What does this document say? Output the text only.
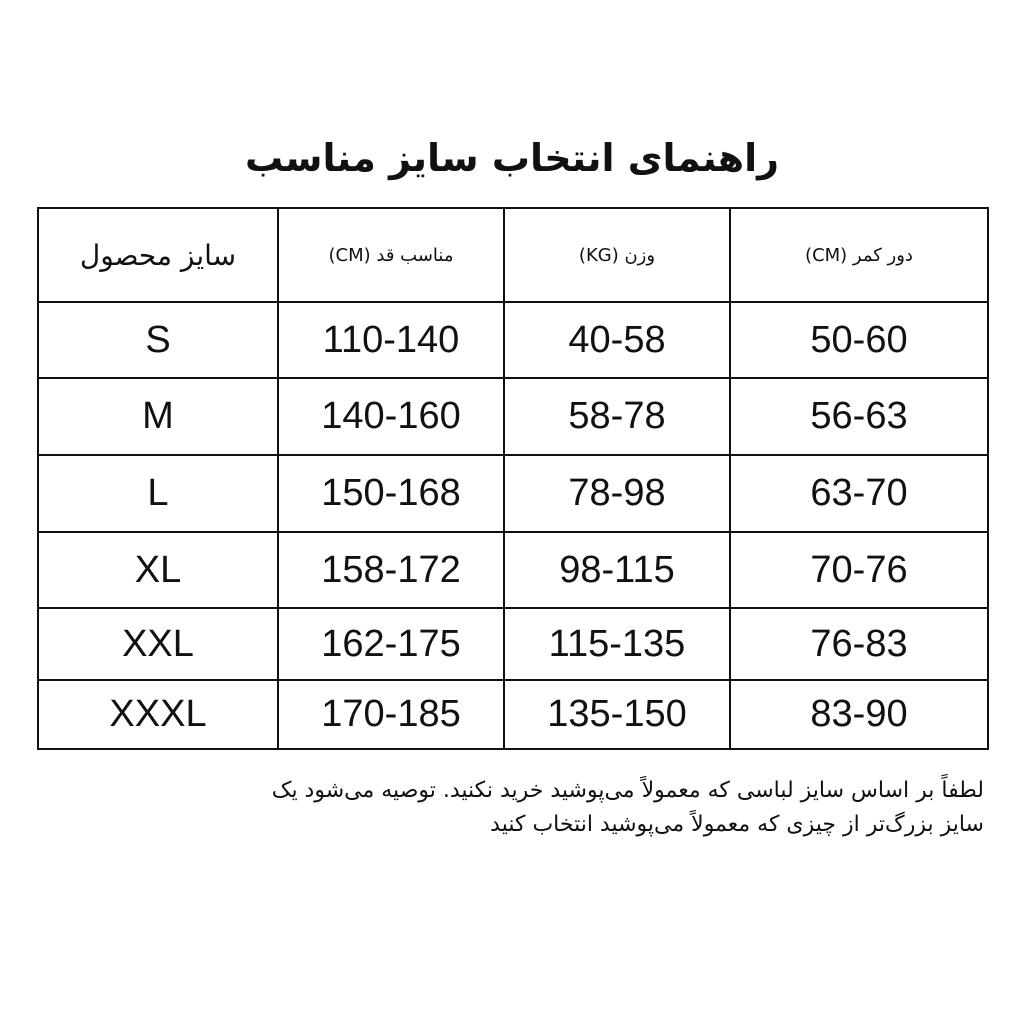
راهنمای انتخاب سایز مناسب
سایز محصول	مناسب قد (CM)	وزن (KG)	دور کمر (CM)
S	110-140	40-58	50-60
M	140-160	58-78	56-63
L	150-168	78-98	63-70
XL	158-172	98-115	70-76
XXL	162-175	115-135	76-83
XXXL	170-185	135-150	83-90
لطفاً بر اساس سایز لباسی که معمولاً می‌پوشید خرید نکنید. توصیه می‌شود یک
سایز بزرگ‌تر از چیزی که معمولاً می‌پوشید انتخاب کنید
